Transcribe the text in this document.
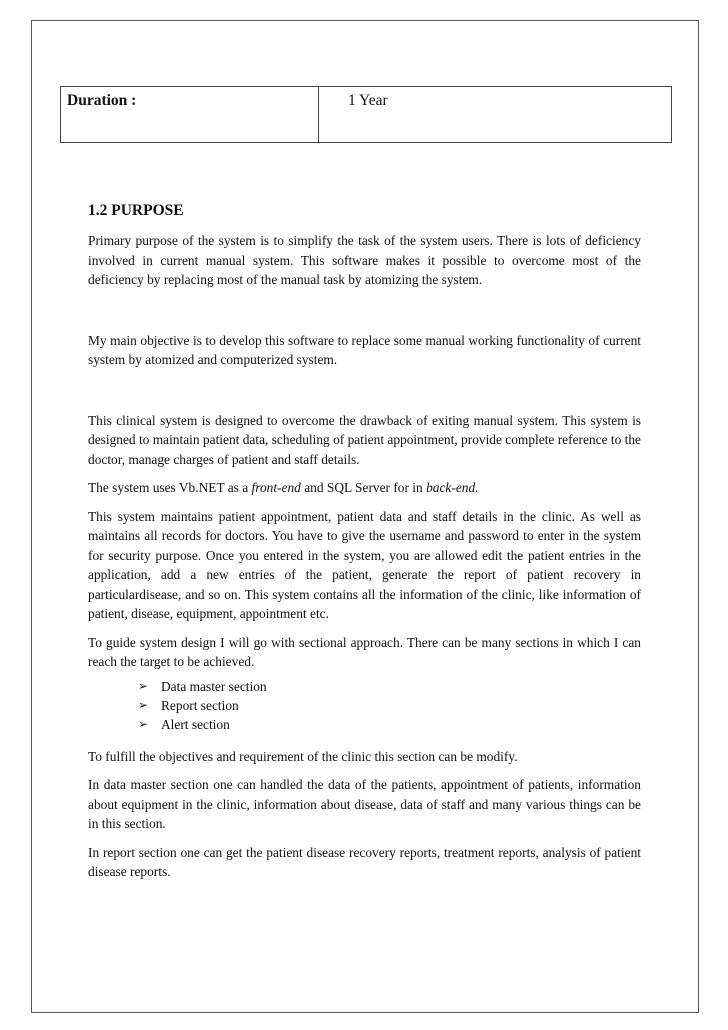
Duration :	1 Year
1.2 PURPOSE

Primary purpose of the system is to simplify the task of the system users. There is lots of deficiency involved in current manual system. This software makes it possible to overcome most of the deficiency by replacing most of the manual task by atomizing the system.

My main objective is to develop this software to replace some manual working functionality of current system by atomized and computerized system.

This clinical system is designed to overcome the drawback of exiting manual system. This system is designed to maintain patient data, scheduling of patient appointment, provide complete reference to the doctor, manage charges of patient and staff details.

The system uses Vb.NET as a front-end and SQL Server for in back-end.

This system maintains patient appointment, patient data and staff details in the clinic. As well as maintains all records for doctors. You have to give the username and password to enter in the system for security purpose. Once you entered in the system, you are allowed edit the patient entries in the application, add a new entries of the patient, generate the report of patient recovery in particulardisease, and so on. This system contains all the information of the clinic, like information of patient, disease, equipment, appointment etc.

To guide system design I will go with sectional approach. There can be many sections in which I can reach the target to be achieved.

➢ Data master section
➢ Report section
➢ Alert section

To fulfill the objectives and requirement of the clinic this section can be modify.

In data master section one can handled the data of the patients, appointment of patients, information about equipment in the clinic, information about disease, data of staff and many various things can be in this section.

In report section one can get the patient disease recovery reports, treatment reports, analysis of patient disease reports.
